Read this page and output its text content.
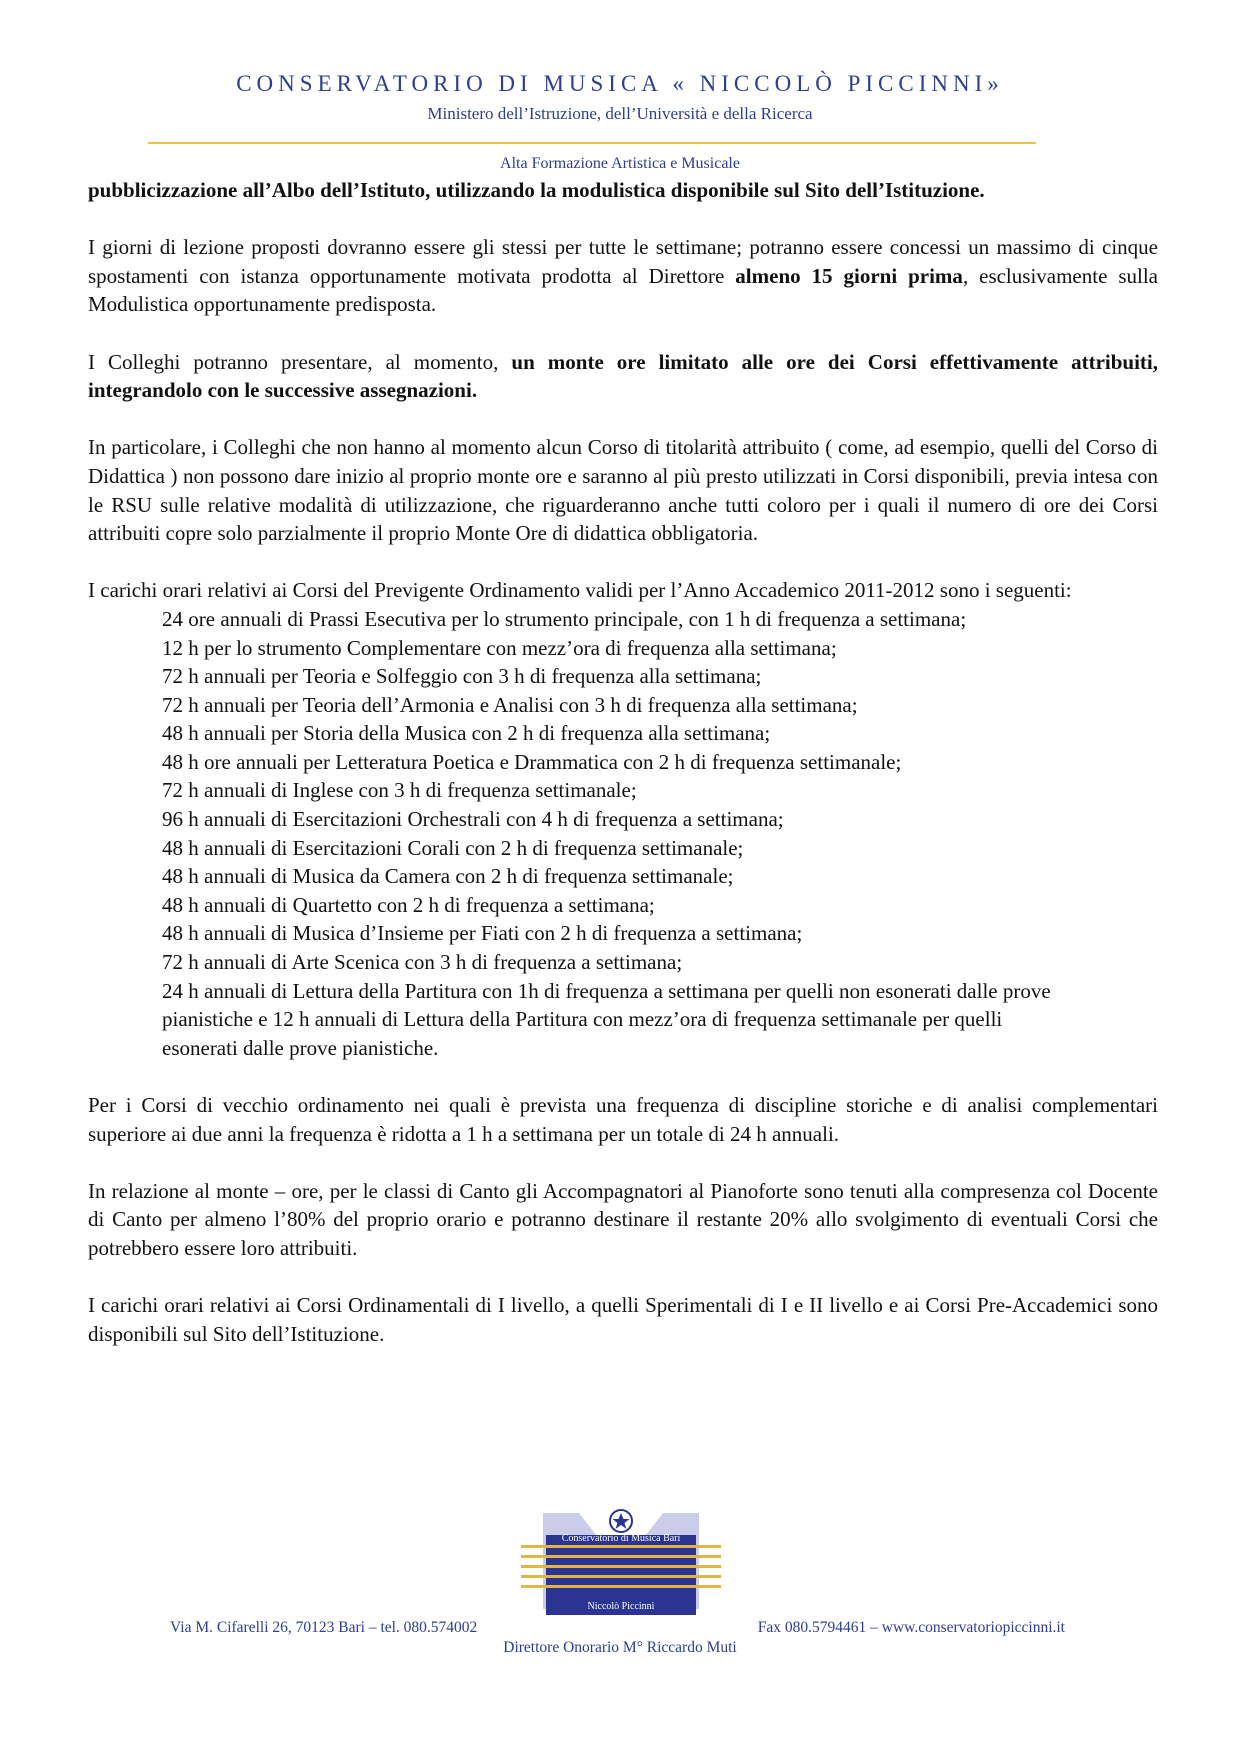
CONSERVATORIO DI MUSICA « NICCOLÒ PICCINNI»
Ministero dell’Istruzione, dell’Università e della Ricerca
Alta Formazione Artistica e Musicale

pubblicizzazione all’Albo dell’Istituto, utilizzando la modulistica disponibile sul Sito dell’Istituzione.

I giorni di lezione proposti dovranno essere gli stessi per tutte le settimane; potranno essere concessi un massimo di cinque spostamenti con istanza opportunamente motivata prodotta al Direttore almeno 15 giorni prima, esclusivamente sulla Modulistica opportunamente predisposta.

I Colleghi potranno presentare, al momento, un monte ore limitato alle ore dei Corsi effettivamente attribuiti, integrandolo con le successive assegnazioni.

In particolare, i Colleghi che non hanno al momento alcun Corso di titolarità attribuito ( come, ad esempio, quelli del Corso di Didattica ) non possono dare inizio al proprio monte ore e saranno al più presto utilizzati in Corsi disponibili, previa intesa con le RSU sulle relative modalità di utilizzazione, che riguarderanno anche tutti coloro per i quali il numero di ore dei Corsi attribuiti copre solo parzialmente il proprio Monte Ore di didattica obbligatoria.

I carichi orari relativi ai Corsi del Previgente Ordinamento validi per l’Anno Accademico 2011-2012 sono i seguenti:

24 ore annuali di Prassi Esecutiva per lo strumento principale, con 1 h di frequenza a settimana;
12 h per lo strumento Complementare con mezz’ora di frequenza alla settimana;
72 h annuali per Teoria e Solfeggio con 3 h di frequenza alla settimana;
72 h annuali per Teoria dell’Armonia e Analisi con 3 h di frequenza alla settimana;
48 h annuali per Storia della Musica con 2 h di frequenza alla settimana;
48 h ore annuali per Letteratura Poetica e Drammatica con 2 h di frequenza settimanale;
72 h annuali di Inglese con 3 h di frequenza settimanale;
96 h annuali di Esercitazioni Orchestrali con 4 h di frequenza a settimana;
48 h annuali di Esercitazioni Corali con 2 h di frequenza settimanale;
48 h annuali di Musica da Camera con 2 h di frequenza settimanale;
48 h annuali di Quartetto con 2 h di frequenza a settimana;
48 h annuali di Musica d’Insieme per Fiati con 2 h di frequenza a settimana;
72 h annuali di Arte Scenica con 3 h di frequenza a settimana;
24 h annuali di Lettura della Partitura con 1h di frequenza a settimana per quelli non esonerati dalle prove pianistiche e 12 h annuali di Lettura della Partitura con mezz’ora di frequenza settimanale per quelli esonerati dalle prove pianistiche.

Per i Corsi di vecchio ordinamento nei quali è prevista una frequenza di discipline storiche e di analisi complementari superiore ai due anni la frequenza è ridotta a 1 h a settimana per un totale di 24 h annuali.

In relazione al monte – ore, per le classi di Canto gli Accompagnatori al Pianoforte sono tenuti alla compresenza col Docente di Canto per almeno l’80% del proprio orario e potranno destinare il restante 20% allo svolgimento di eventuali Corsi che potrebbero essere loro attribuiti.

I carichi orari relativi ai Corsi Ordinamentali di I livello, a quelli Sperimentali di I e II livello e ai Corsi Pre-Accademici sono disponibili sul Sito dell’Istituzione.

Conservatorio di Musica Bari
Niccolò Piccinni
Via M. Cifarelli 26, 70123 Bari – tel. 080.574002	Fax 080.5794461 – www.conservatoriopiccinni.it
Direttore Onorario M° Riccardo Muti
